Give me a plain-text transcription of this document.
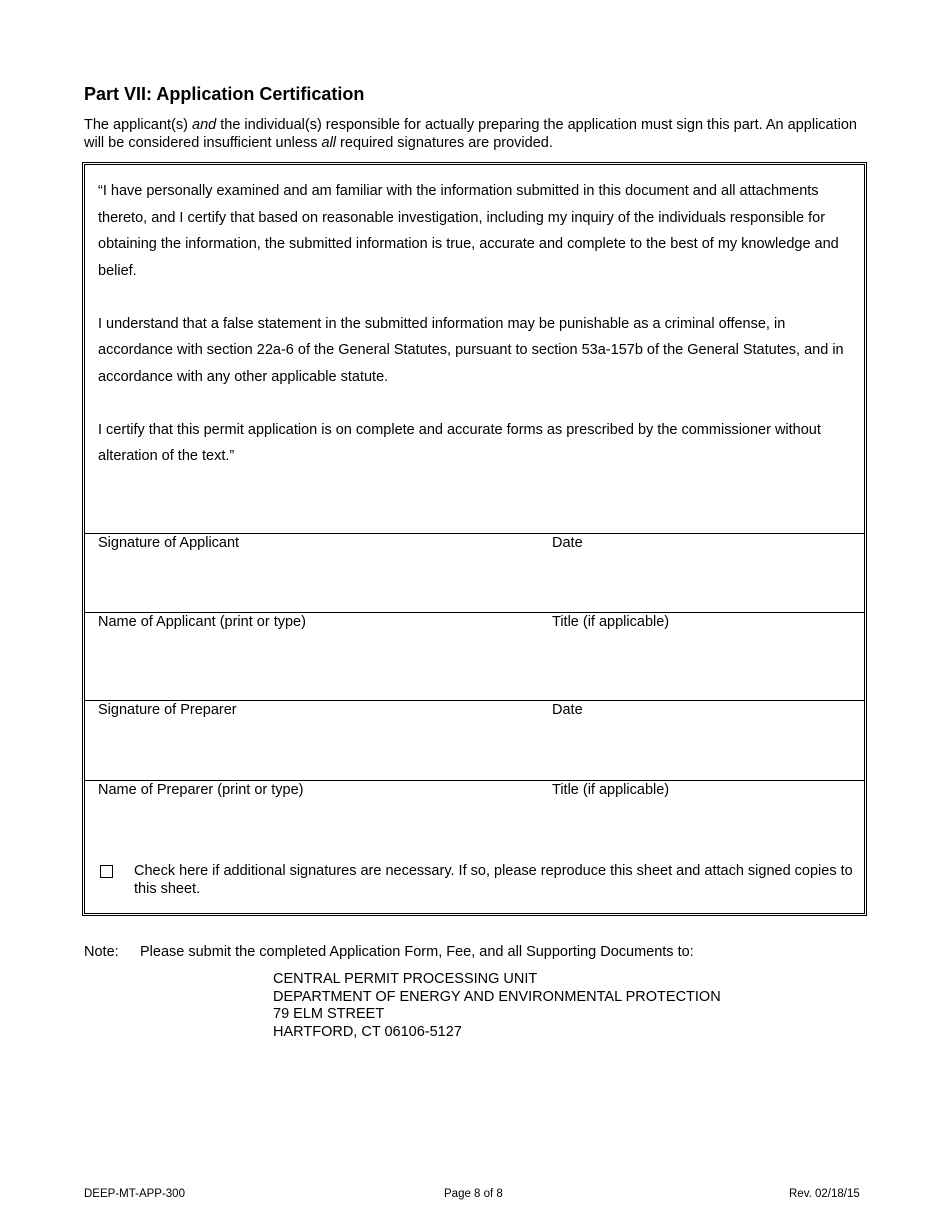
Part VII: Application Certification

The applicant(s) and the individual(s) responsible for actually preparing the application must sign this part. An application will be considered insufficient unless all required signatures are provided.

“I have personally examined and am familiar with the information submitted in this document and all attachments thereto, and I certify that based on reasonable investigation, including my inquiry of the individuals responsible for obtaining the information, the submitted information is true, accurate and complete to the best of my knowledge and belief.

I understand that a false statement in the submitted information may be punishable as a criminal offense, in accordance with section 22a-6 of the General Statutes, pursuant to section 53a-157b of the General Statutes, and in accordance with any other applicable statute.

I certify that this permit application is on complete and accurate forms as prescribed by the commissioner without alteration of the text.”

Signature of Applicant	Date
Name of Applicant (print or type)	Title (if applicable)
Signature of Preparer	Date
Name of Preparer (print or type)	Title (if applicable)
Check here if additional signatures are necessary. If so, please reproduce this sheet and attach signed copies to this sheet.
Note: Please submit the completed Application Form, Fee, and all Supporting Documents to:
CENTRAL PERMIT PROCESSING UNIT
DEPARTMENT OF ENERGY AND ENVIRONMENTAL PROTECTION
79 ELM STREET
HARTFORD, CT 06106-5127
DEEP-MT-APP-300	Page 8 of 8	Rev. 02/18/15
